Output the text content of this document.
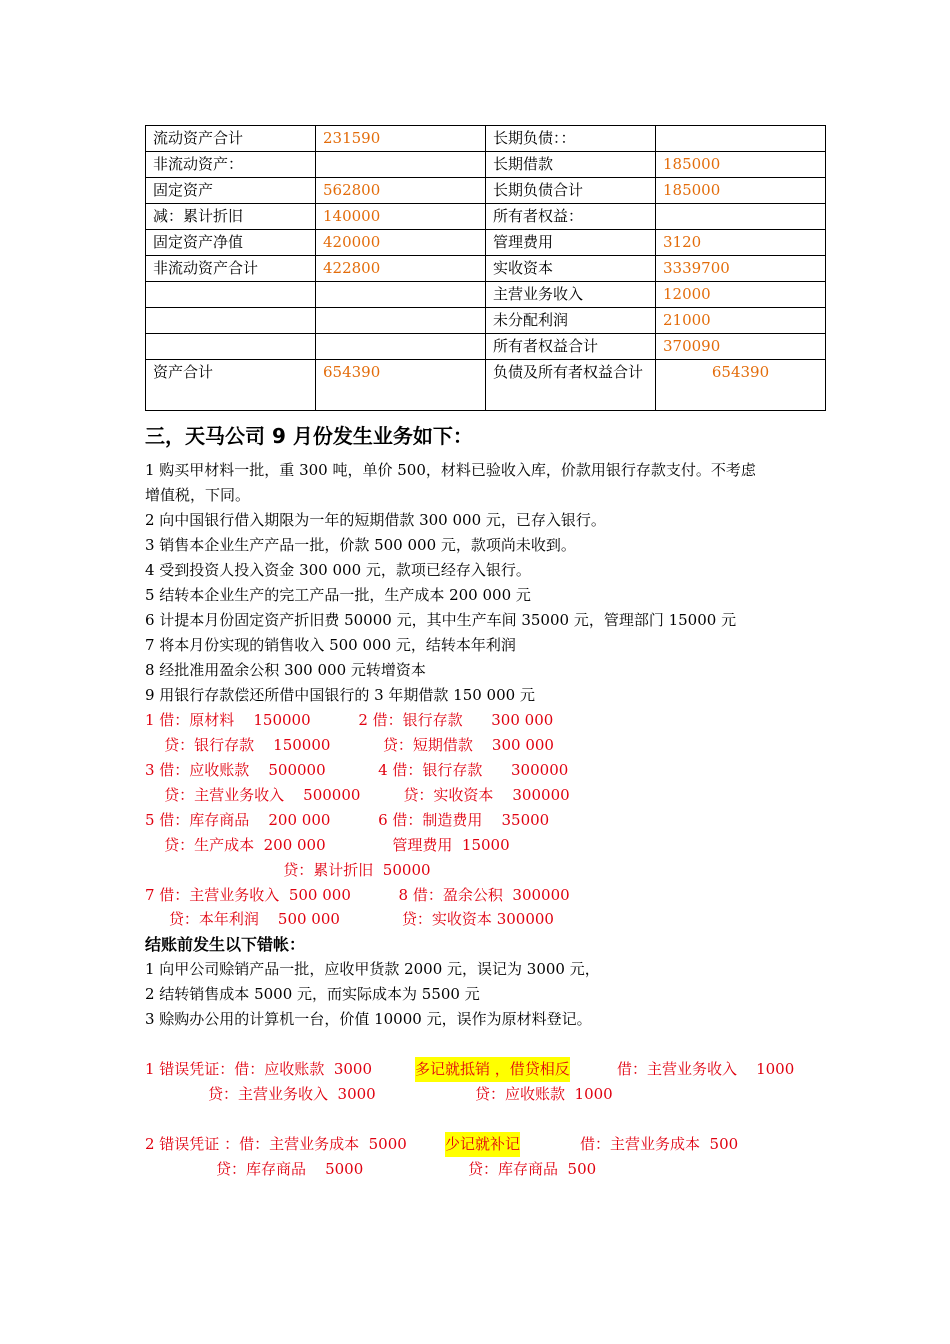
流动资产合计	231590	长期负债：：	
非流动资产：		长期借款	185000
固定资产	562800	长期负债合计	185000
减：累计折旧	140000	所有者权益：	
固定资产净值	420000	管理费用	3120
非流动资产合计	422800	实收资本	3339700
		主营业务收入	12000
		未分配利润	21000
		所有者权益合计	370090
资产合计	654390	负债及所有者权益合计	654390
三，天马公司 9 月份发生业务如下：
1 购买甲材料一批，重 300 吨，单价 500，材料已验收入库，价款用银行存款支付。不考虑
增值税，下同。
2 向中国银行借入期限为一年的短期借款 300 000 元，已存入银行。
3 销售本企业生产产品一批，价款 500 000 元，款项尚未收到。
4 受到投资人投入资金 300 000 元，款项已经存入银行。
5 结转本企业生产的完工产品一批，生产成本 200 000 元
6 计提本月份固定资产折旧费 50000 元，其中生产车间 35000 元，管理部门 15000 元
7 将本月份实现的销售收入 500 000 元，结转本年利润
8 经批准用盈余公积 300 000 元转增资本
9 用银行存款偿还所借中国银行的 3 年期借款 150 000 元
1 借：原材料    150000          2 借：银行存款      300 000
贷：银行存款    150000           贷：短期借款    300 000
3 借：应收账款    500000           4 借：银行存款      300000
贷：主营业务收入    500000         贷：实收资本    300000
5 借：库存商品    200 000          6 借：制造费用    35000
贷：生产成本  200 000              管理费用  15000
贷：累计折旧  50000
7 借：主营业务收入  500 000          8 借：盈余公积  300000
贷：本年利润    500 000             贷：实收资本 300000
结账前发生以下错帐：
1 向甲公司赊销产品一批，应收甲货款 2000 元，误记为 3000 元，
2 结转销售成本 5000 元，而实际成本为 5500 元
3 赊购办公用的计算机一台，价值 10000 元，误作为原材料登记。
1 错误凭证：借：应收账款  3000	多记就抵销 ，借贷相反	借：主营业务收入    1000
贷：主营业务收入  3000	贷：应收账款  1000
2 错误凭证 ：借：主营业务成本  5000	少记就补记	借：主营业务成本  500
贷：库存商品    5000	贷：库存商品  500
